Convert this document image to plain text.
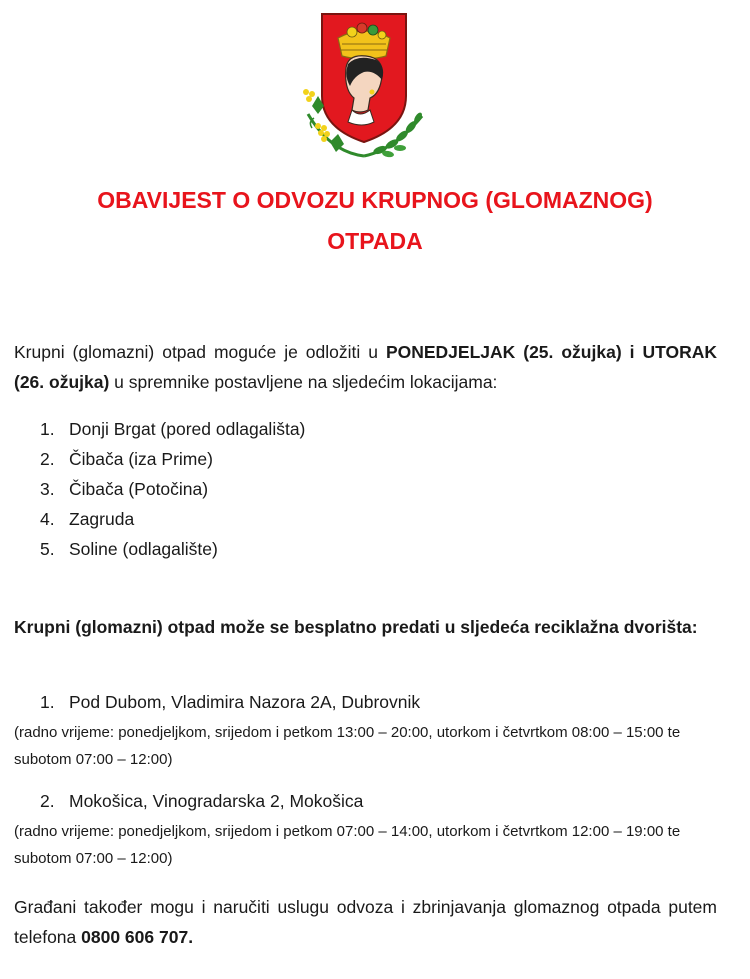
OBAVIJEST O ODVOZU KRUPNOG (GLOMAZNOG)
OTPADA
Krupni (glomazni) otpad moguće je odložiti u PONEDJELJAK (25. ožujka) i UTORAK (26. ožujka) u spremnike postavljene na sljedećim lokacijama:
1. Donji Brgat (pored odlagališta)
2. Čibača (iza Prime)
3. Čibača (Potočina)
4. Zagruda
5. Soline (odlagalište)
Krupni (glomazni) otpad može se besplatno predati u sljedeća reciklažna dvorišta:
1. Pod Dubom, Vladimira Nazora 2A, Dubrovnik
(radno vrijeme: ponedjeljkom, srijedom i petkom 13:00 – 20:00, utorkom i četvrtkom 08:00 – 15:00 te subotom 07:00 – 12:00)
2. Mokošica, Vinogradarska 2, Mokošica
(radno vrijeme: ponedjeljkom, srijedom i petkom 07:00 – 14:00, utorkom i četvrtkom 12:00 – 19:00 te subotom 07:00 – 12:00)
Građani također mogu i naručiti uslugu odvoza i zbrinjavanja glomaznog otpada putem telefona 0800 606 707.
